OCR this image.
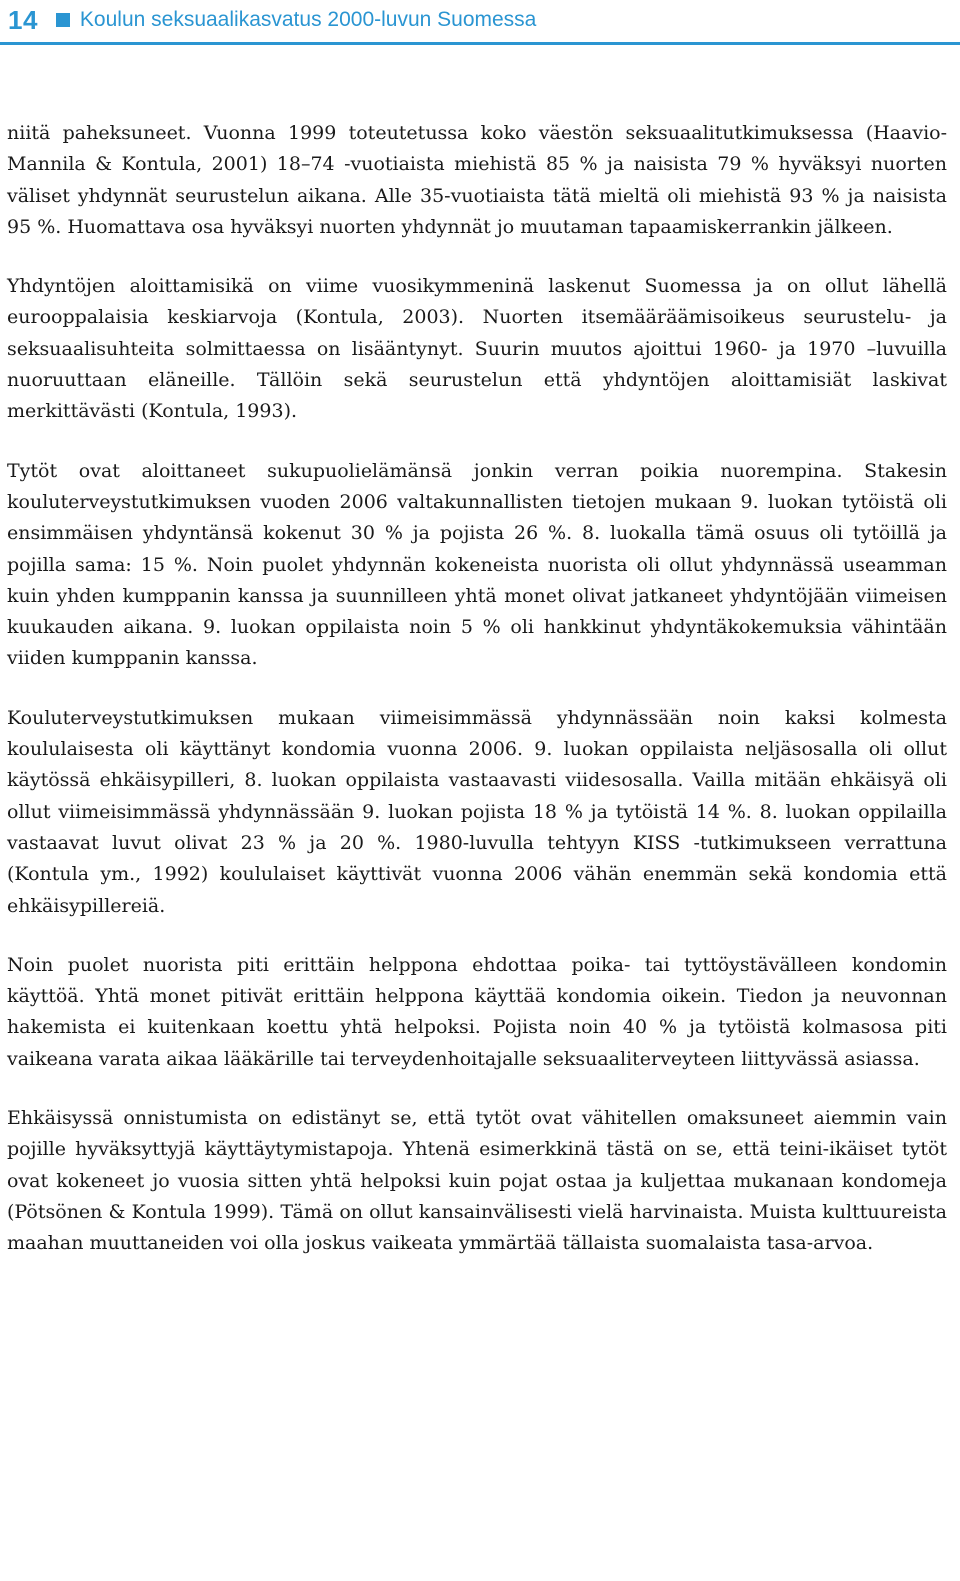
14 Koulun seksuaalikasvatus 2000-luvun Suomessa

niitä paheksuneet. Vuonna 1999 toteutetussa koko väestön seksuaalitutkimuksessa (Haavio-Mannila & Kontula, 2001) 18–74 -vuotiaista miehistä 85 % ja naisista 79 % hyväksyi nuorten väliset yhdynnät seurustelun aikana. Alle 35-vuotiaista tätä mieltä oli miehistä 93 % ja naisista 95 %. Huomattava osa hyväksyi nuorten yhdynnät jo muutaman tapaamiskerrankin jälkeen.

Yhdyntöjen aloittamisikä on viime vuosikymmeninä laskenut Suomessa ja on ollut lähellä eurooppalaisia keskiarvoja (Kontula, 2003). Nuorten itsemääräämisoikeus seurustelu- ja seksuaalisuhteita solmittaessa on lisääntynyt. Suurin muutos ajoittui 1960- ja 1970 –luvuilla nuoruuttaan eläneille. Tällöin sekä seurustelun että yhdyntöjen aloittamisiät laskivat merkittävästi (Kontula, 1993).

Tytöt ovat aloittaneet sukupuolielämänsä jonkin verran poikia nuorempina. Stakesin kouluterveystutkimuksen vuoden 2006 valtakunnallisten tietojen mukaan 9. luokan tytöistä oli ensimmäisen yhdyntänsä kokenut 30 % ja pojista 26 %. 8. luokalla tämä osuus oli tytöillä ja pojilla sama: 15 %. Noin puolet yhdynnän kokeneista nuorista oli ollut yhdynnässä useamman kuin yhden kumppanin kanssa ja suunnilleen yhtä monet olivat jatkaneet yhdyntöjään viimeisen kuukauden aikana. 9. luokan oppilaista noin 5 % oli hankkinut yhdyntäkokemuksia vähintään viiden kumppanin kanssa.

Kouluterveystutkimuksen mukaan viimeisimmässä yhdynnässään noin kaksi kolmesta koululaisesta oli käyttänyt kondomia vuonna 2006. 9. luokan oppilaista neljäsosalla oli ollut käytössä ehkäisypilleri, 8. luokan oppilaista vastaavasti viidesosalla. Vailla mitään ehkäisyä oli ollut viimeisimmässä yhdynnässään 9. luokan pojista 18 % ja tytöistä 14 %. 8. luokan oppilailla vastaavat luvut olivat 23 % ja 20 %. 1980-luvulla tehtyyn KISS -tutkimukseen verrattuna (Kontula ym., 1992) koululaiset käyttivät vuonna 2006 vähän enemmän sekä kondomia että ehkäisypillereiä.

Noin puolet nuorista piti erittäin helppona ehdottaa poika- tai tyttöystävälleen kondomin käyttöä. Yhtä monet pitivät erittäin helppona käyttää kondomia oikein. Tiedon ja neuvonnan hakemista ei kuitenkaan koettu yhtä helpoksi. Pojista noin 40 % ja tytöistä kolmasosa piti vaikeana varata aikaa lääkärille tai terveydenhoitajalle seksuaaliterveyteen liittyvässä asiassa.

Ehkäisyssä onnistumista on edistänyt se, että tytöt ovat vähitellen omaksuneet aiemmin vain pojille hyväksyttyjä käyttäytymistapoja. Yhtenä esimerkkinä tästä on se, että teini-ikäiset tytöt ovat kokeneet jo vuosia sitten yhtä helpoksi kuin pojat ostaa ja kuljettaa mukanaan kondomeja (Pötsönen & Kontula 1999). Tämä on ollut kansainvälisesti vielä harvinaista. Muista kulttuureista maahan muuttaneiden voi olla joskus vaikeata ymmärtää tällaista suomalaista tasa-arvoa.
